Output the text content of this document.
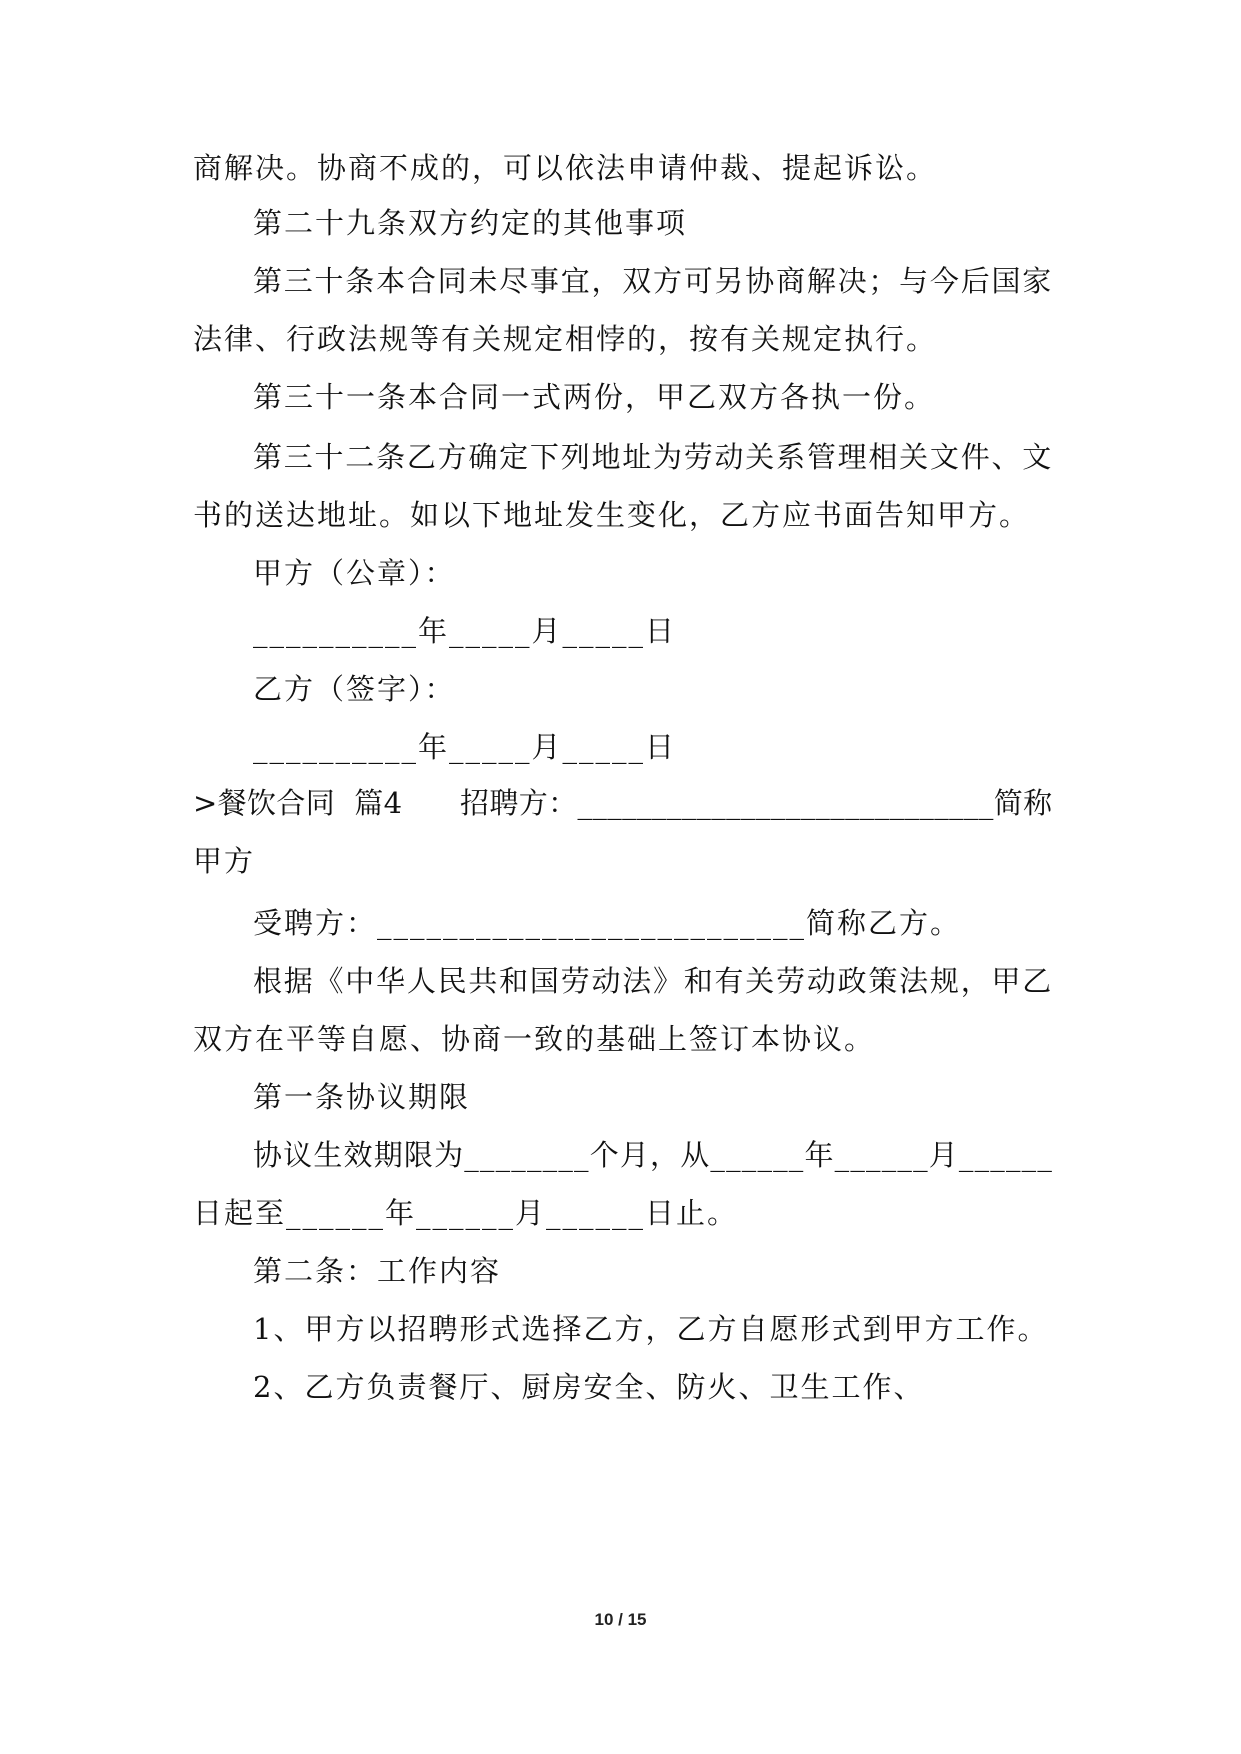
商解决。协商不成的，可以依法申请仲裁、提起诉讼。
第二十九条双方约定的其他事项
第三十条本合同未尽事宜，双方可另协商解决；与今后国家
法律、行政法规等有关规定相悖的，按有关规定执行。
第三十一条本合同一式两份，甲乙双方各执一份。
第三十二条乙方确定下列地址为劳动关系管理相关文件、文
书的送达地址。如以下地址发生变化，乙方应书面告知甲方。
甲方（公章）：
__________年_____月_____日
乙方（签字）：
__________年_____月_____日
>餐饮合同  篇4      招聘方：____________________________简称
甲方
受聘方：__________________________简称乙方。
根据《中华人民共和国劳动法》和有关劳动政策法规，甲乙
双方在平等自愿、协商一致的基础上签订本协议。
第一条协议期限
协议生效期限为________个月，从______年______月______
日起至______年______月______日止。
第二条：工作内容
1、甲方以招聘形式选择乙方，乙方自愿形式到甲方工作。
2、乙方负责餐厅、厨房安全、防火、卫生工作、
10 / 15
